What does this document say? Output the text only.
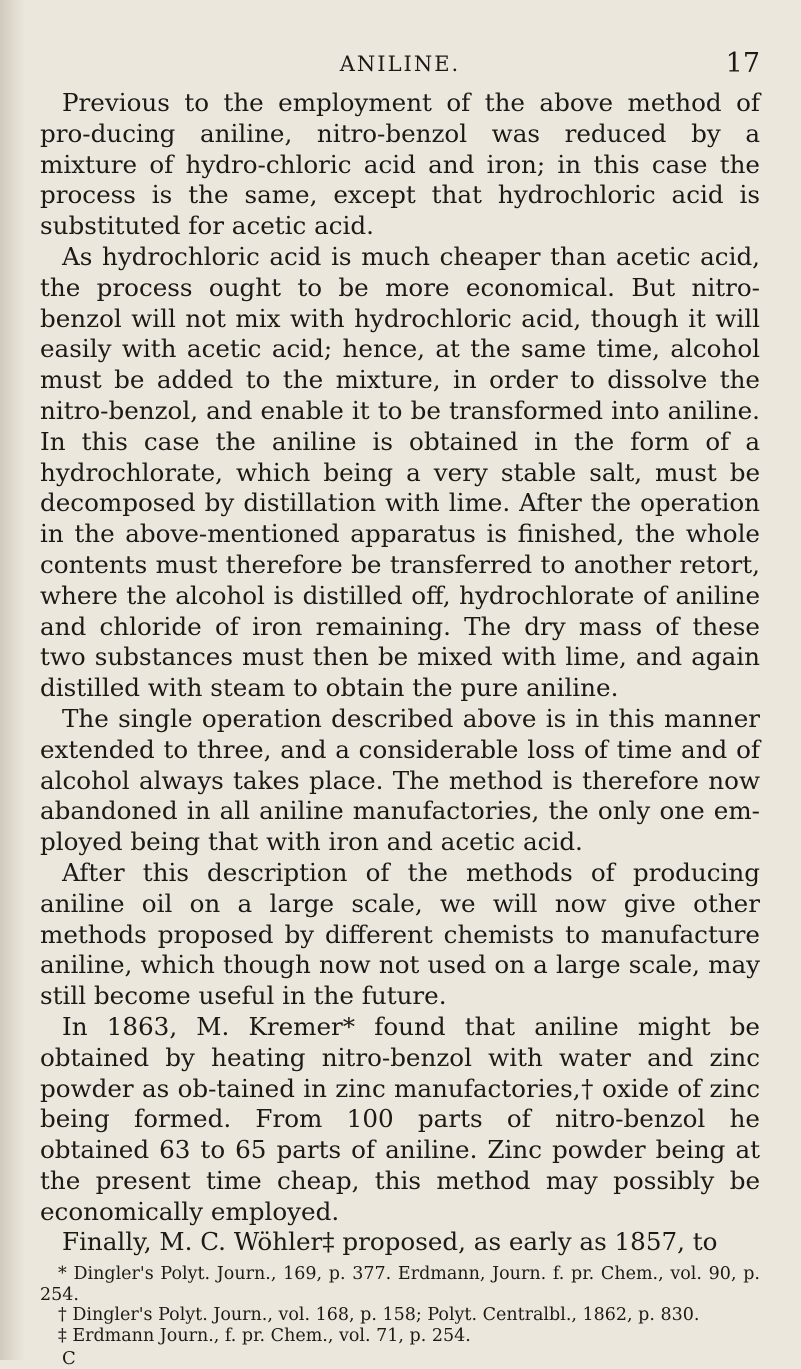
ANILINE.	17

Previous to the employment of the above method of pro-ducing aniline, nitro-benzol was reduced by a mixture of hydro-chloric acid and iron; in this case the process is the same, except that hydrochloric acid is substituted for acetic acid.

As hydrochloric acid is much cheaper than acetic acid, the process ought to be more economical. But nitro-benzol will not mix with hydrochloric acid, though it will easily with acetic acid; hence, at the same time, alcohol must be added to the mixture, in order to dissolve the nitro-benzol, and enable it to be transformed into aniline. In this case the aniline is obtained in the form of a hydrochlorate, which being a very stable salt, must be decomposed by distillation with lime. After the operation in the above-mentioned apparatus is finished, the whole contents must therefore be transferred to another retort, where the alcohol is distilled off, hydrochlorate of aniline and chloride of iron remaining. The dry mass of these two substances must then be mixed with lime, and again distilled with steam to obtain the pure aniline.

The single operation described above is in this manner extended to three, and a considerable loss of time and of alcohol always takes place. The method is therefore now abandoned in all aniline manufactories, the only one em-ployed being that with iron and acetic acid.

After this description of the methods of producing aniline oil on a large scale, we will now give other methods proposed by different chemists to manufacture aniline, which though now not used on a large scale, may still become useful in the future.

In 1863, M. Kremer* found that aniline might be obtained by heating nitro-benzol with water and zinc powder as ob-tained in zinc manufactories,† oxide of zinc being formed. From 100 parts of nitro-benzol he obtained 63 to 65 parts of aniline. Zinc powder being at the present time cheap, this method may possibly be economically employed.

Finally, M. C. Wöhler‡ proposed, as early as 1857, to

* Dingler's Polyt. Journ., 169, p. 377. Erdmann, Journ. f. pr. Chem., vol. 90, p. 254.

† Dingler's Polyt. Journ., vol. 168, p. 158; Polyt. Centralbl., 1862, p. 830.

‡ Erdmann Journ., f. pr. Chem., vol. 71, p. 254.

C
